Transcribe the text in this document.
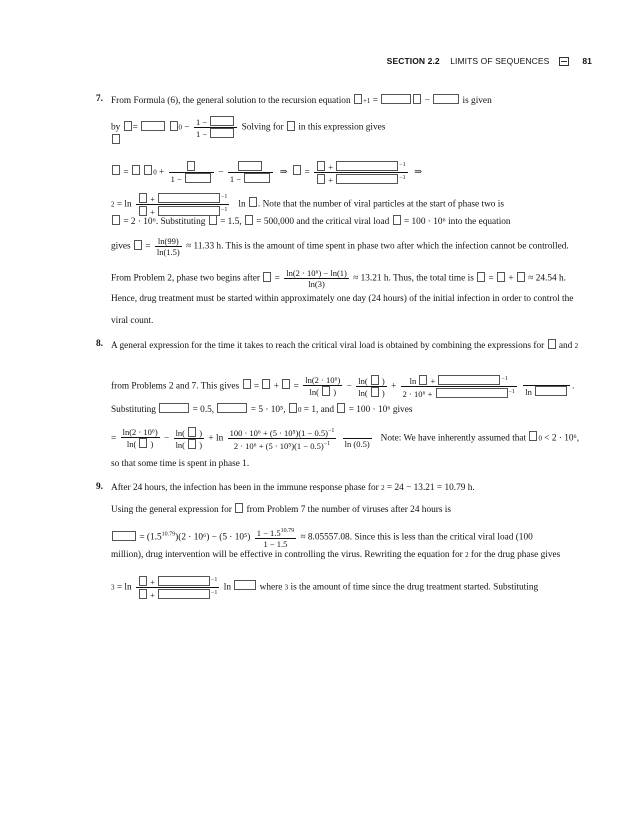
SECTION 2.2 LIMITS OF SEQUENCES	81
7. From Formula (6), the general solution to the recursion equation +1 =	−	is given
by =	$0 - \frac{1 -}{1 -}$ Solving for in this expression gives
=	0 +
1 −
−
1 −
⇒   = +	$^{-1}$
+	$^{-1}$ ⇒
2 = ln +	$^{-1}$
+	$^{-1}$ ln . Note that the number of viral particles at the start of phase two is
= 2 · 10⁶. Substituting  = 1.5,  = 500,000 and the critical viral load  = 100 · 10⁶ into the equation
gives  = $\frac{\ln(99)}{\ln(1.5)} \approx 11.33$ h. This is the amount of time spent in phase two after which the infection cannot be controlled.
From Problem 2, phase two begins after  = $\frac{\text{ln(2 · 10⁶) − ln(1)}}{\ln(3)} \approx 13.21$ h. Thus, the total time is  =  +  ≈ 24.54 h.
Hence, drug treatment must be started within approximately one day (24 hours) of the initial infection in order to control the
viral count.
8. A general expression for the time it takes to reach the critical viral load is obtained by combining the expressions for and 2
from Problems 2 and 7. This gives  =  +  = $\frac{\text{ln(2 · 10⁶)}}{\ln( )} - \frac{\ln( )}{\ln( )} + \ln$  +	$^{-1}$
2 · 10⁶ +	$^{-1}$

ln
.
Substituting	= 0.5,	= 5 · 10⁵, 0 = 1, and  = 100 · 10⁶ gives
= $\frac{\text{ln(2 · 10⁶)}}{\ln( )} - \frac{\ln( )}{\ln( )} + \ln \frac{100 \cdot 10^6 + (5 \cdot 10^5)(1 - 0.5)^{-1}}{2 \cdot 10^6 + (5 \cdot 10^5)(1 - 0.5)^{-1}}$

ln (0.5)
Note: We have inherently assumed that 0 < 2 · 10⁶,
so that some time is spent in phase 1.
9. After 24 hours, the infection has been in the immune response phase for 2 = 24 − 13.21 = 10.79 h.
Using the general expression for from Problem 7 the number of viruses after 24 hours is
= $(1.5^{10.79})(2 \cdot 10^6) - (5 \cdot 10^5) \frac{1 - 1.5^{10.79}}{1 - 1.5} \approx 8.05557.08$. Since this is less than the critical viral load (100
million), drug intervention will be effective in controlling the virus. Rewriting the equation for 2 for the drug phase gives
3 = ln +	$^{-1}$
+	$^{-1}$ ln	where 3 is the amount of time since the drug treatment started. Substituting
